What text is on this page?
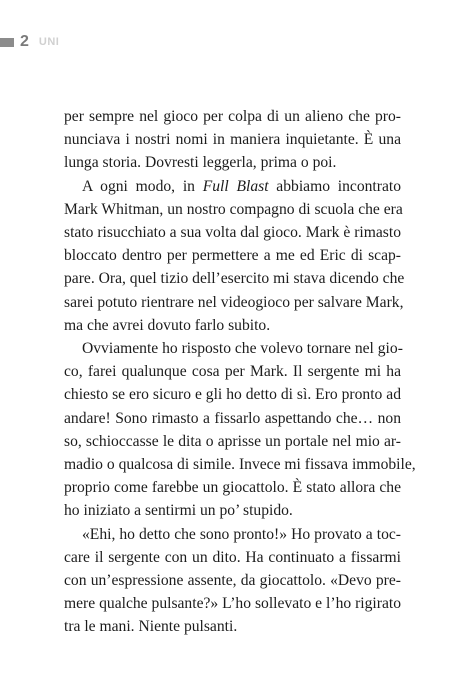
2 UNI

per sempre nel gioco per colpa di un alieno che pro-
nunciava i nostri nomi in maniera inquietante. È una
lunga storia. Dovresti leggerla, prima o poi.

A ogni modo, in Full Blast abbiamo incontrato
Mark Whitman, un nostro compagno di scuola che era
stato risucchiato a sua volta dal gioco. Mark è rimasto
bloccato dentro per permettere a me ed Eric di scap-
pare. Ora, quel tizio dell’esercito mi stava dicendo che
sarei potuto rientrare nel videogioco per salvare Mark,
ma che avrei dovuto farlo subito.

Ovviamente ho risposto che volevo tornare nel gio-
co, farei qualunque cosa per Mark. Il sergente mi ha
chiesto se ero sicuro e gli ho detto di sì. Ero pronto ad
andare! Sono rimasto a fissarlo aspettando che… non
so, schioccasse le dita o aprisse un portale nel mio ar-
madio o qualcosa di simile. Invece mi fissava immobile,
proprio come farebbe un giocattolo. È stato allora che
ho iniziato a sentirmi un po’ stupido.

«Ehi, ho detto che sono pronto!» Ho provato a toc-
care il sergente con un dito. Ha continuato a fissarmi
con un’espressione assente, da giocattolo. «Devo pre-
mere qualche pulsante?» L’ho sollevato e l’ho rigirato
tra le mani. Niente pulsanti.
